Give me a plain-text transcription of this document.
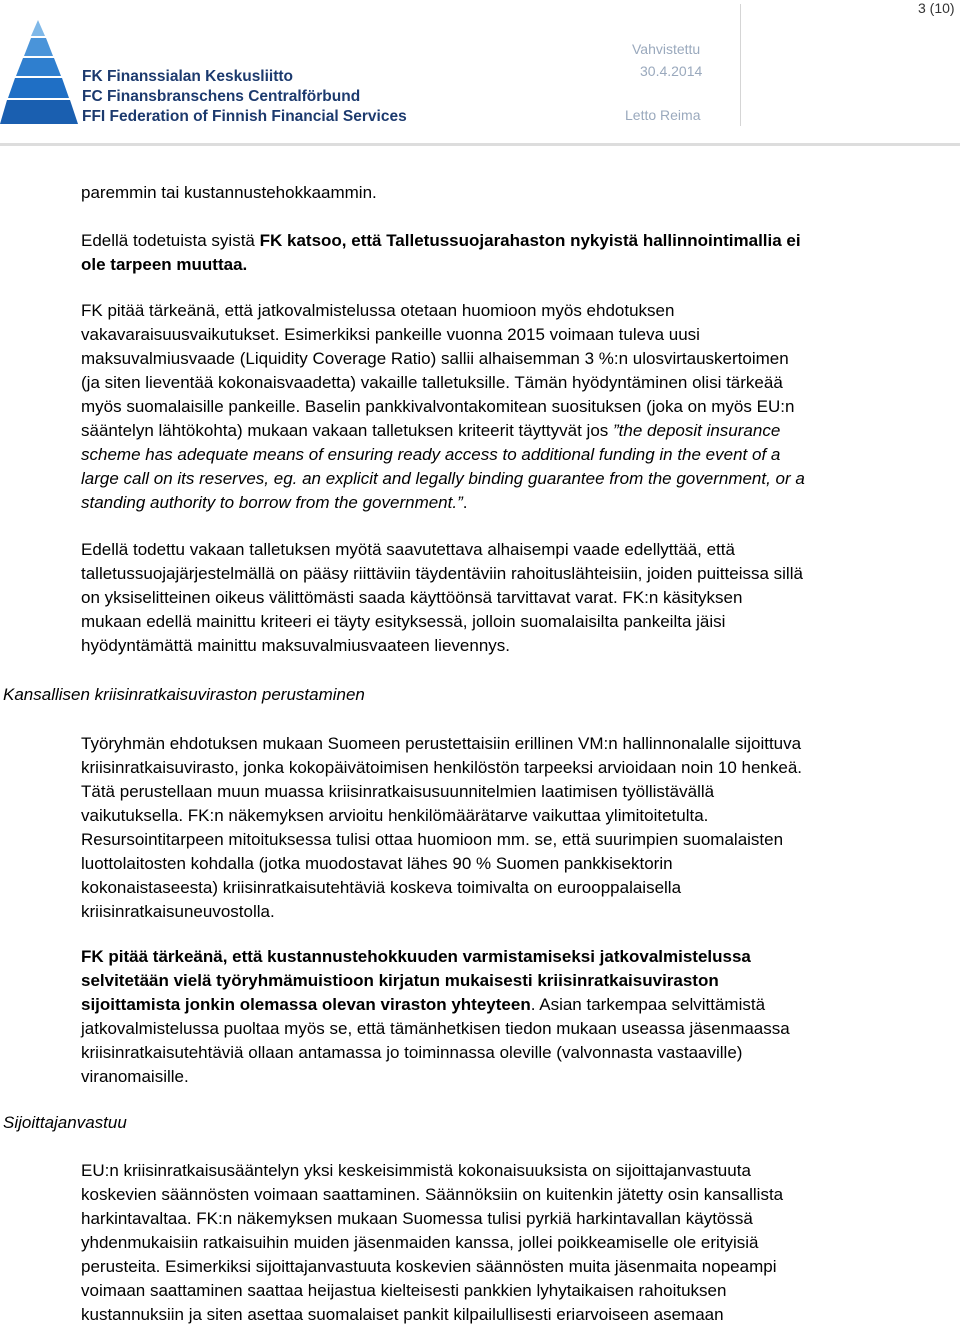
3 (10)
FK Finanssialan Keskusliitto
FC Finansbranschens Centralförbund
FFI Federation of Finnish Financial Services
Vahvistettu
30.4.2014
Letto Reima

paremmin tai kustannustehokkaammin.

Edellä todetuista syistä FK katsoo, että Talletussuojarahaston nykyistä hallinnointimallia ei
ole tarpeen muuttaa.

FK pitää tärkeänä, että jatkovalmistelussa otetaan huomioon myös ehdotuksen
vakavaraisuusvaikutukset. Esimerkiksi pankeille vuonna 2015 voimaan tuleva uusi
maksuvalmiusvaade (Liquidity Coverage Ratio) sallii alhaisemman 3 %:n ulosvirtauskertoimen
(ja siten lieventää kokonaisvaadetta) vakaille talletuksille. Tämän hyödyntäminen olisi tärkeää
myös suomalaisille pankeille. Baselin pankkivalvontakomitean suosituksen (joka on myös EU:n
sääntelyn lähtökohta) mukaan vakaan talletuksen kriteerit täyttyvät jos ”the deposit insurance
scheme has adequate means of ensuring ready access to additional funding in the event of a
large call on its reserves, eg. an explicit and legally binding guarantee from the government, or a
standing authority to borrow from the government.”.

Edellä todettu vakaan talletuksen myötä saavutettava alhaisempi vaade edellyttää, että
talletussuojajärjestelmällä on pääsy riittäviin täydentäviin rahoituslähteisiin, joiden puitteissa sillä
on yksiselitteinen oikeus välittömästi saada käyttöönsä tarvittavat varat. FK:n käsityksen
mukaan edellä mainittu kriteeri ei täyty esityksessä, jolloin suomalaisilta pankeilta jäisi
hyödyntämättä mainittu maksuvalmiusvaateen lievennys.

Kansallisen kriisinratkaisuviraston perustaminen

Työryhmän ehdotuksen mukaan Suomeen perustettaisiin erillinen VM:n hallinnonalalle sijoittuva
kriisinratkaisuvirasto, jonka kokopäivätoimisen henkilöstön tarpeeksi arvioidaan noin 10 henkeä.
Tätä perustellaan muun muassa kriisinratkaisusuunnitelmien laatimisen työllistävällä
vaikutuksella. FK:n näkemyksen arvioitu henkilömäärätarve vaikuttaa ylimitoitetulta.
Resursointitarpeen mitoituksessa tulisi ottaa huomioon mm. se, että suurimpien suomalaisten
luottolaitosten kohdalla (jotka muodostavat lähes 90 % Suomen pankkisektorin
kokonaistaseesta) kriisinratkaisutehtäviä koskeva toimivalta on eurooppalaisella
kriisinratkaisuneuvostolla.

FK pitää tärkeänä, että kustannustehokkuuden varmistamiseksi jatkovalmistelussa
selvitetään vielä työryhmämuistioon kirjatun mukaisesti kriisinratkaisuviraston
sijoittamista jonkin olemassa olevan viraston yhteyteen. Asian tarkempaa selvittämistä
jatkovalmistelussa puoltaa myös se, että tämänhetkisen tiedon mukaan useassa jäsenmaassa
kriisinratkaisutehtäviä ollaan antamassa jo toiminnassa oleville (valvonnasta vastaaville)
viranomaisille.

Sijoittajanvastuu

EU:n kriisinratkaisusääntelyn yksi keskeisimmistä kokonaisuuksista on sijoittajanvastuuta
koskevien säännösten voimaan saattaminen. Säännöksiin on kuitenkin jätetty osin kansallista
harkintavaltaa. FK:n näkemyksen mukaan Suomessa tulisi pyrkiä harkintavallan käytössä
yhdenmukaisiin ratkaisuihin muiden jäsenmaiden kanssa, jollei poikkeamiselle ole erityisiä
perusteita. Esimerkiksi sijoittajanvastuuta koskevien säännösten muita jäsenmaita nopeampi
voimaan saattaminen saattaa heijastua kielteisesti pankkien lyhytaikaisen rahoituksen
kustannuksiin ja siten asettaa suomalaiset pankit kilpailullisesti eriarvoiseen asemaan
